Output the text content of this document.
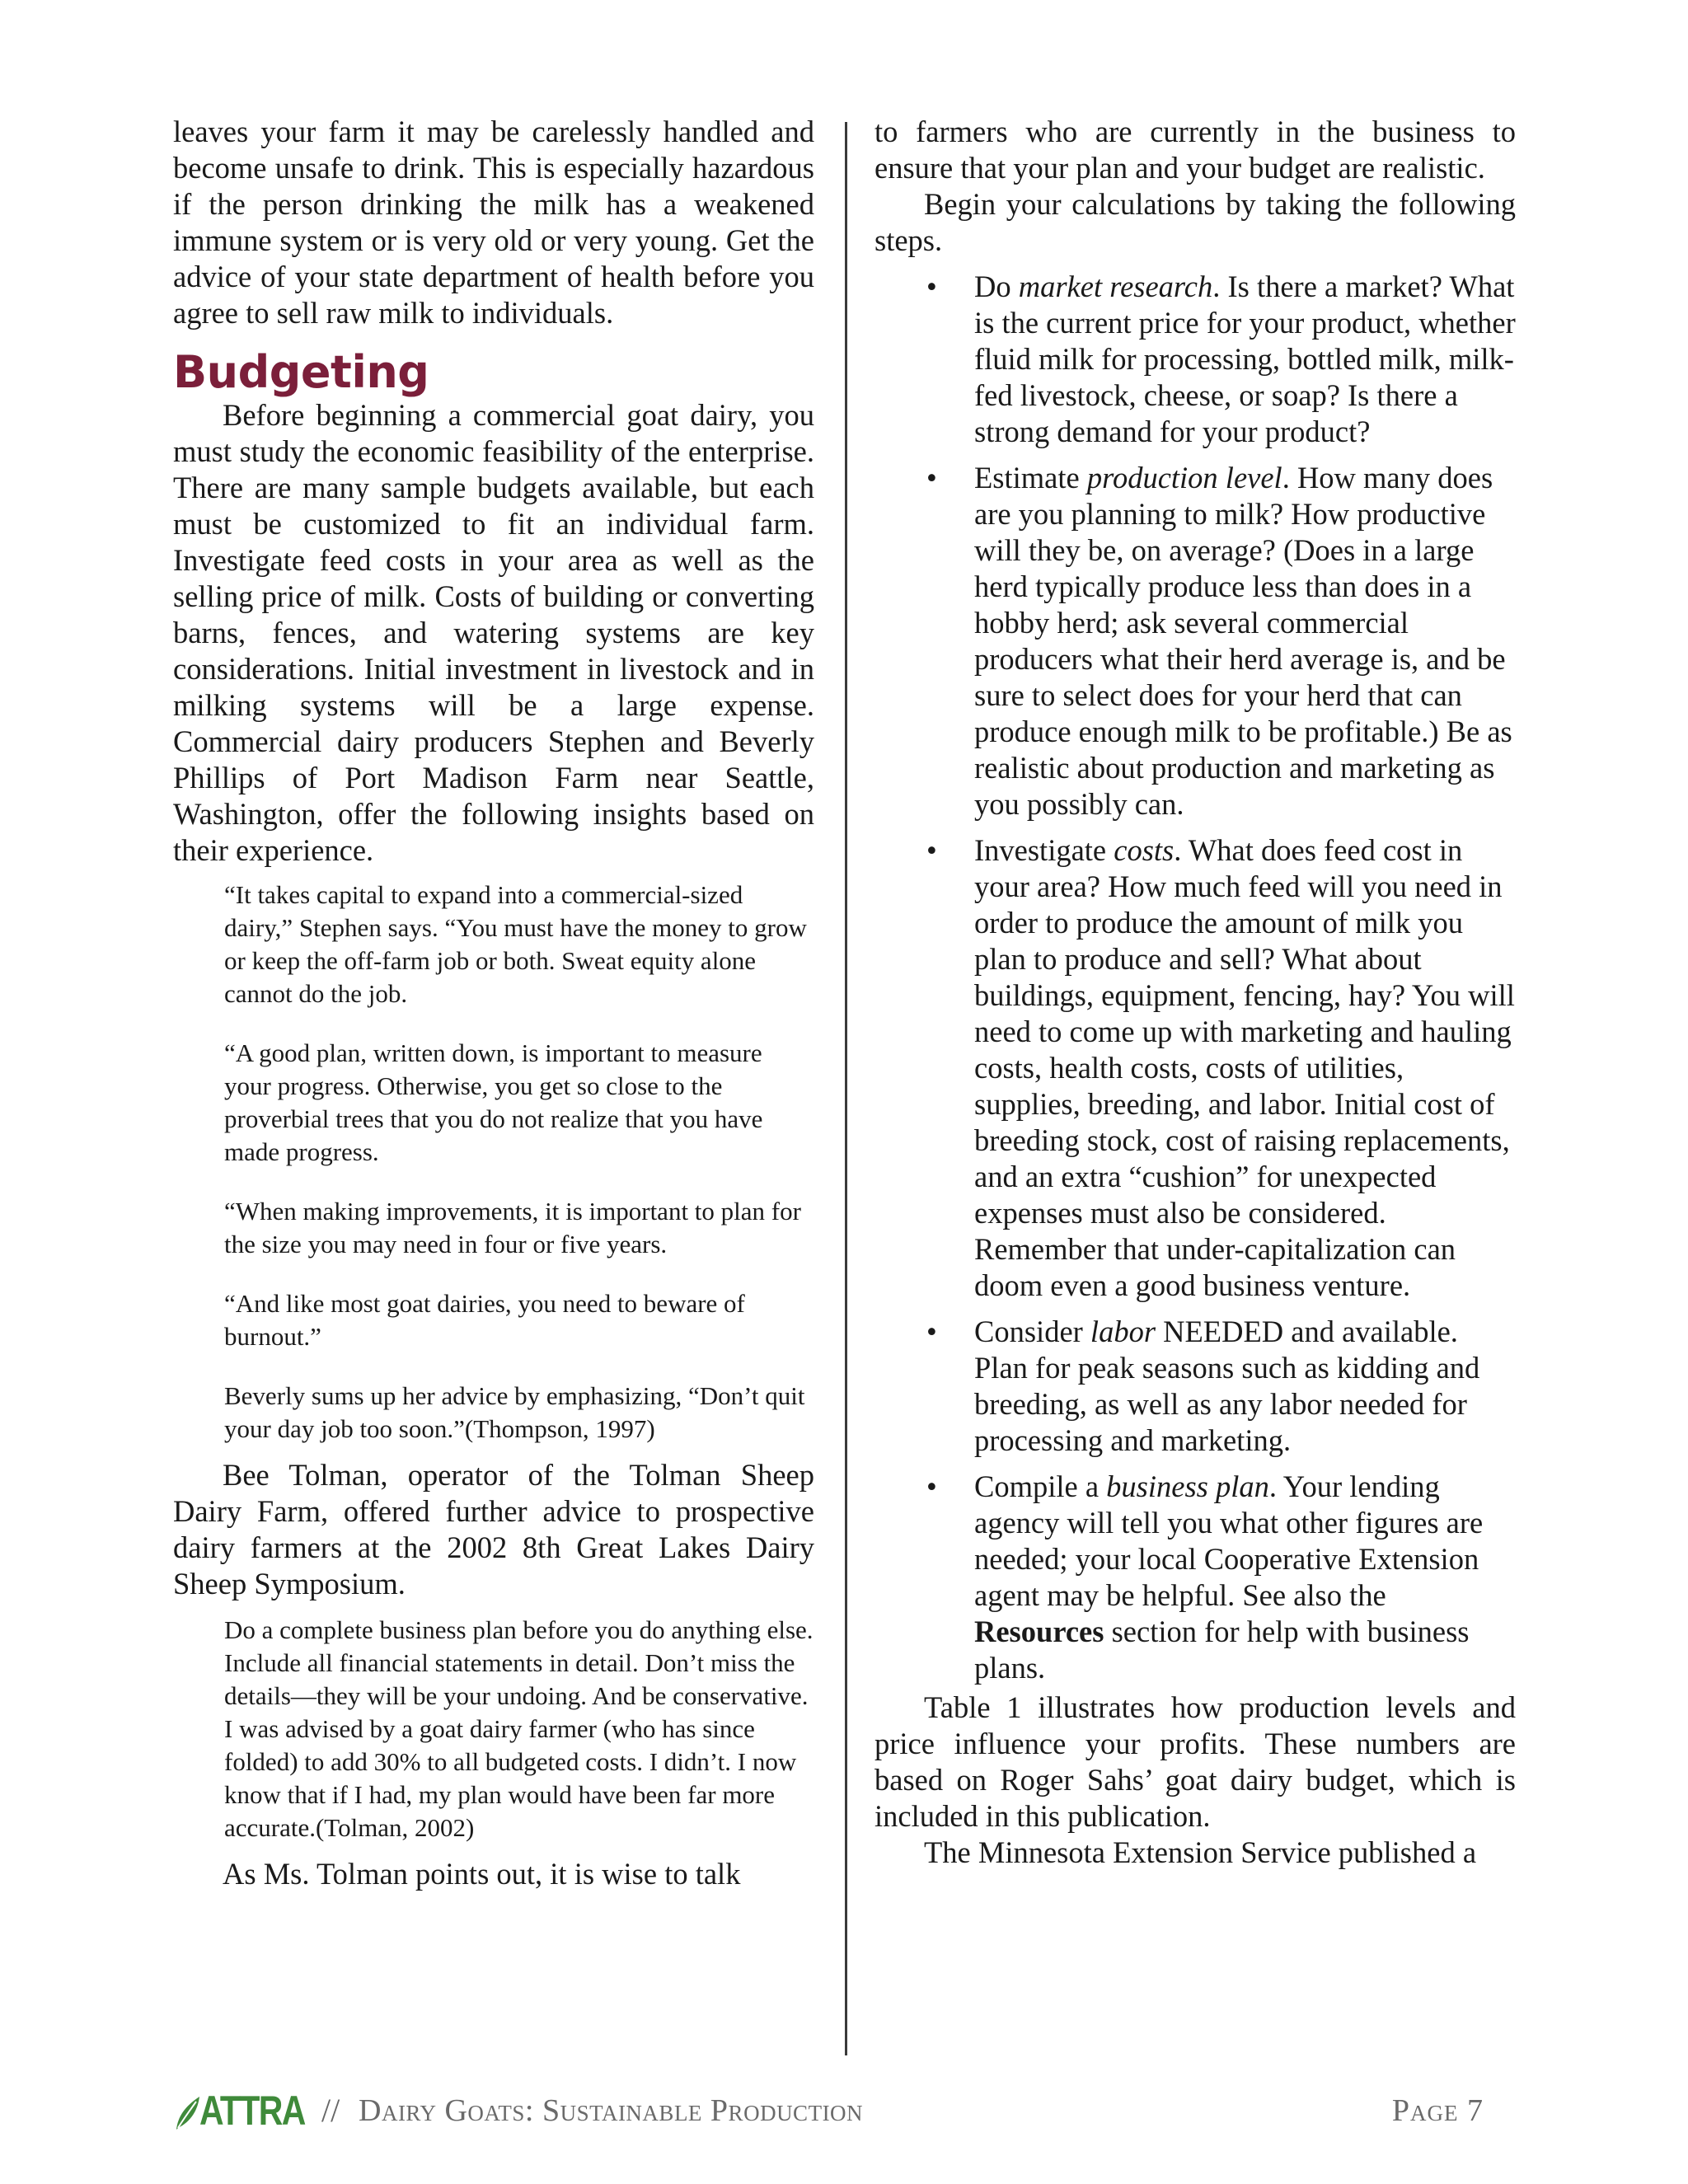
leaves your farm it may be carelessly handled and become unsafe to drink. This is especially hazardous if the person drinking the milk has a weakened immune system or is very old or very young. Get the advice of your state department of health before you agree to sell raw milk to individuals.

Budgeting

Before beginning a commercial goat dairy, you must study the economic feasibility of the enterprise. There are many sample budgets available, but each must be customized to fit an individual farm. Investigate feed costs in your area as well as the selling price of milk. Costs of building or converting barns, fences, and watering systems are key considerations. Initial investment in livestock and in milking systems will be a large expense. Commercial dairy producers Stephen and Beverly Phillips of Port Madison Farm near Seattle, Washington, offer the following insights based on their experience.

“It takes capital to expand into a commercial-sized dairy,” Stephen says. “You must have the money to grow or keep the off-farm job or both. Sweat equity alone cannot do the job.

“A good plan, written down, is important to measure your progress. Otherwise, you get so close to the proverbial trees that you do not realize that you have made progress.

“When making improvements, it is important to plan for the size you may need in four or five years.

“And like most goat dairies, you need to beware of burnout.”

Beverly sums up her advice by emphasizing, “Don’t quit your day job too soon.”(Thompson, 1997)

Bee Tolman, operator of the Tolman Sheep Dairy Farm, offered further advice to prospective dairy farmers at the 2002 8th Great Lakes Dairy Sheep Symposium.

Do a complete business plan before you do anything else. Include all financial statements in detail. Don’t miss the details—they will be your undoing. And be conservative. I was advised by a goat dairy farmer (who has since folded) to add 30% to all budgeted costs. I didn’t. I now know that if I had, my plan would have been far more accurate.(Tolman, 2002)

As Ms. Tolman points out, it is wise to talk

to farmers who are currently in the business to ensure that your plan and your budget are realistic.

Begin your calculations by taking the following steps.

• Do market research. Is there a market? What is the current price for your product, whether fluid milk for processing, bottled milk, milk-fed livestock, cheese, or soap? Is there a strong demand for your product?
• Estimate production level. How many does are you planning to milk? How productive will they be, on average? (Does in a large herd typically produce less than does in a hobby herd; ask several commercial producers what their herd average is, and be sure to select does for your herd that can produce enough milk to be profitable.) Be as realistic about production and marketing as you possibly can.
• Investigate costs. What does feed cost in your area? How much feed will you need in order to produce the amount of milk you plan to produce and sell? What about buildings, equipment, fencing, hay? You will need to come up with marketing and hauling costs, health costs, costs of utilities, supplies, breeding, and labor. Initial cost of breeding stock, cost of raising replacements, and an extra “cushion” for unexpected expenses must also be considered. Remember that under-capitalization can doom even a good business venture.
• Consider labor NEEDED and available. Plan for peak seasons such as kidding and breeding, as well as any labor needed for processing and marketing.
• Compile a business plan. Your lending agency will tell you what other figures are needed; your local Cooperative Extension agent may be helpful. See also the Resources section for help with business plans.

Table 1 illustrates how production levels and price influence your profits. These numbers are based on Roger Sahs’ goat dairy budget, which is included in this publication.

The Minnesota Extension Service published a

ATTRA // Dairy Goats: Sustainable Production	Page 7
